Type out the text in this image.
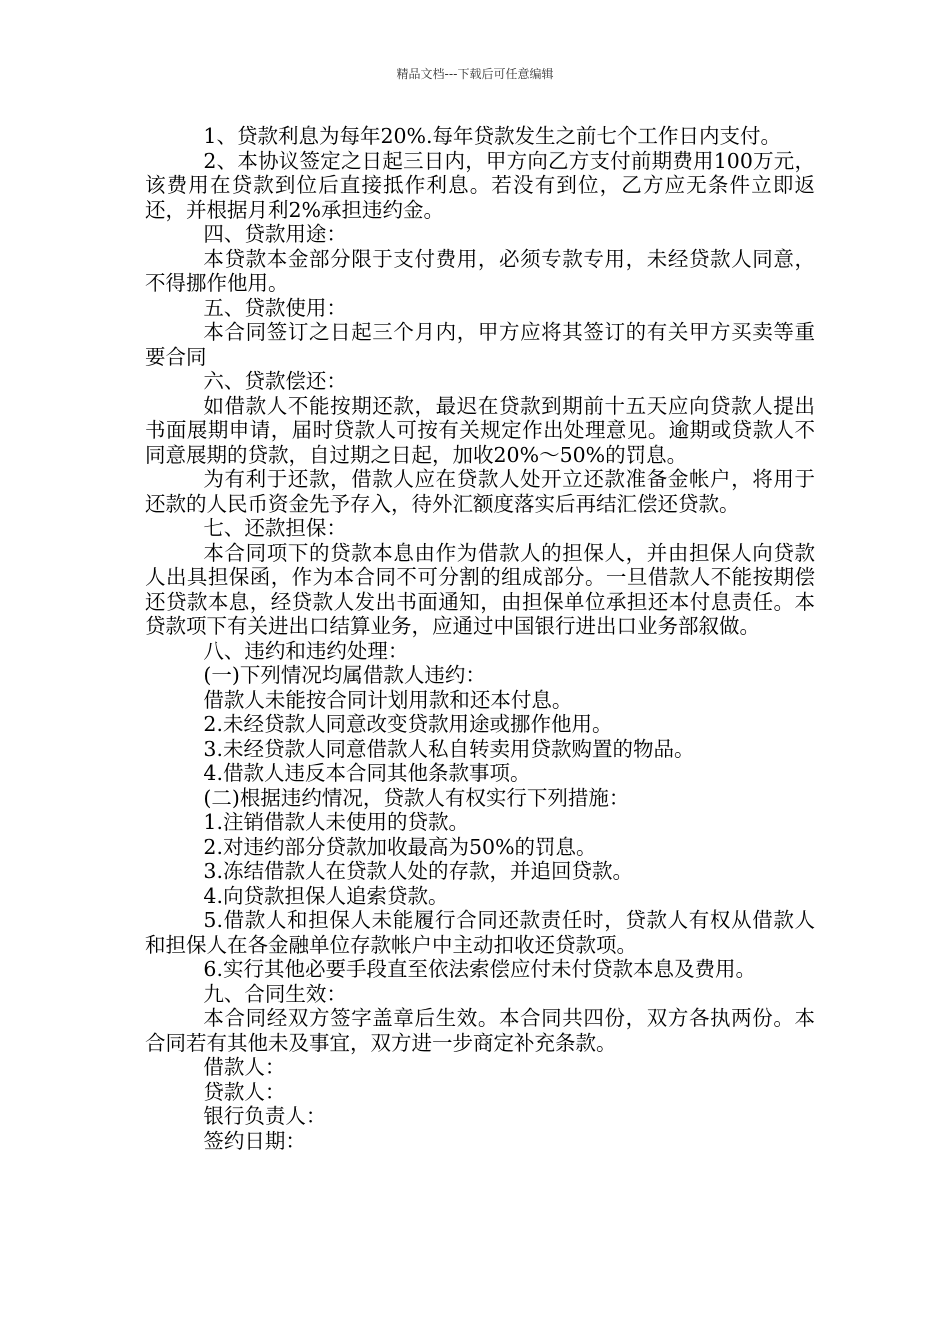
精品文档---下载后可任意编辑

1、贷款利息为每年20%.每年贷款发生之前七个工作日内支付。

2、本协议签定之日起三日内，甲方向乙方支付前期费用100万元，该费用在贷款到位后直接抵作利息。若没有到位，乙方应无条件立即返还，并根据月利2%承担违约金。

四、贷款用途：

本贷款本金部分限于支付费用，必须专款专用，未经贷款人同意，不得挪作他用。

五、贷款使用：

本合同签订之日起三个月内，甲方应将其签订的有关甲方买卖等重要合同

六、贷款偿还：

如借款人不能按期还款，最迟在贷款到期前十五天应向贷款人提出书面展期申请，届时贷款人可按有关规定作出处理意见。逾期或贷款人不同意展期的贷款，自过期之日起，加收20%～50%的罚息。

为有利于还款，借款人应在贷款人处开立还款准备金帐户，将用于还款的人民币资金先予存入，待外汇额度落实后再结汇偿还贷款。

七、还款担保：

本合同项下的贷款本息由作为借款人的担保人，并由担保人向贷款人出具担保函，作为本合同不可分割的组成部分。一旦借款人不能按期偿还贷款本息，经贷款人发出书面通知，由担保单位承担还本付息责任。本贷款项下有关进出口结算业务，应通过中国银行进出口业务部叙做。

八、违约和违约处理：

(一)下列情况均属借款人违约：

借款人未能按合同计划用款和还本付息。

2.未经贷款人同意改变贷款用途或挪作他用。

3.未经贷款人同意借款人私自转卖用贷款购置的物品。

4.借款人违反本合同其他条款事项。

(二)根据违约情况，贷款人有权实行下列措施：

1.注销借款人未使用的贷款。

2.对违约部分贷款加收最高为50%的罚息。

3.冻结借款人在贷款人处的存款，并追回贷款。

4.向贷款担保人追索贷款。

5.借款人和担保人未能履行合同还款责任时，贷款人有权从借款人和担保人在各金融单位存款帐户中主动扣收还贷款项。

6.实行其他必要手段直至依法索偿应付未付贷款本息及费用。

九、合同生效：

本合同经双方签字盖章后生效。本合同共四份，双方各执两份。本合同若有其他未及事宜，双方进一步商定补充条款。

借款人：

贷款人：

银行负责人：

签约日期：
